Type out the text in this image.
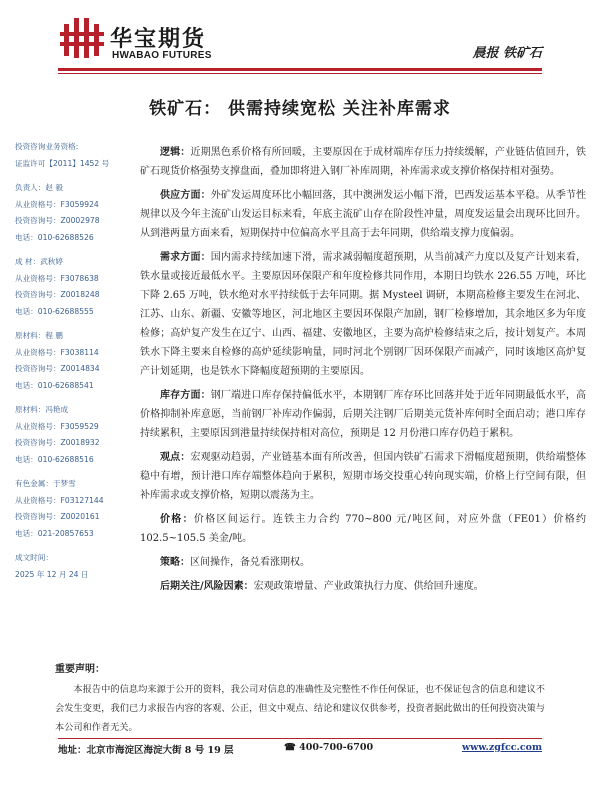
华宝期货
HWABAO FUTURES	晨报 铁矿石
铁矿石： 供需持续宽松 关注补库需求
投资咨询业务资格:
证监许可【2011】1452 号
负责人：赵 毅
从业资格号：F3059924
投资咨询号：Z0002978
电话：010-62688526
成 材：武秋婷
从业资格号：F3078638
投资咨询号：Z0018248
电话：010-62688555
原材料：程 鹏
从业资格号：F3038114
投资咨询号：Z0014834
电话：010-62688541
原材料：冯艳成
从业资格号：F3059529
投资咨询号：Z0018932
电话：010-62688516
有色金属：于梦雪
从业资格号：F03127144
投资咨询号：Z0020161
电话：021-20857653
成文时间：
2025 年 12 月 24 日

逻辑：近期黑色系价格有所回暖，主要原因在于成材端库存压力持续缓解，产业链估值回升，铁矿石现货价格强势支撑盘面，叠加即将进入钢厂补库周期，补库需求或支撑价格保持相对强势。

供应方面：外矿发运周度环比小幅回落，其中澳洲发运小幅下滑，巴西发运基本平稳。从季节性规律以及今年主流矿山发运目标来看，年底主流矿山存在阶段性冲量，周度发运量会出现环比回升。从到港两量方面来看，短期保持中位偏高水平且高于去年同期，供给端支撑力度偏弱。

需求方面：国内需求持续加速下滑，需求减弱幅度超预期，从当前减产力度以及复产计划来看，铁水量或接近最低水平。主要原因环保限产和年度检修共同作用，本期日均铁水 226.55 万吨，环比下降 2.65 万吨，铁水绝对水平持续低于去年同期。据 Mysteel 调研，本期高检修主要发生在河北、江苏、山东、新疆、安徽等地区，河北地区主要因环保限产加剧，钢厂检修增加，其余地区多为年度检修；高炉复产发生在辽宁、山西、福建、安徽地区，主要为高炉检修结束之后，按计划复产。本周铁水下降主要来自检修的高炉延续影响量，同时河北个别钢厂因环保限产而减产，同时该地区高炉复产计划延期，也是铁水下降幅度超预期的主要原因。

库存方面：钢厂端进口库存保持偏低水平，本期钢厂库存环比回落并处于近年同期最低水平，高价格抑制补库意愿，当前钢厂补库动作偏弱，后期关注钢厂后期美元货补库何时全面启动；港口库存持续累积，主要原因到港量持续保持相对高位，预期是 12 月份港口库存仍趋于累积。

观点：宏观驱动趋弱，产业链基本面有所改善，但国内铁矿石需求下滑幅度超预期，供给端整体稳中有增，预计港口库存端整体趋向于累积，短期市场交投重心转向现实端，价格上行空间有限，但补库需求或支撑价格，短期以震荡为主。

价格：价格区间运行。连铁主力合约 770~800 元/吨区间，对应外盘（FE01）价格约 102.5~105.5 美金/吨。

策略：区间操作，备兑看涨期权。

后期关注/风险因素：宏观政策增量、产业政策执行力度、供给回升速度。

重要声明：
本报告中的信息均来源于公开的资料，我公司对信息的准确性及完整性不作任何保证，也不保证包含的信息和建议不会发生变更，我们已力求报告内容的客观、公正，但文中观点、结论和建议仅供参考，投资者据此做出的任何投资决策与本公司和作者无关。
地址：北京市海淀区海淀大街 8 号 19 层	☎ 400-700-6700	www.zgfcc.com
